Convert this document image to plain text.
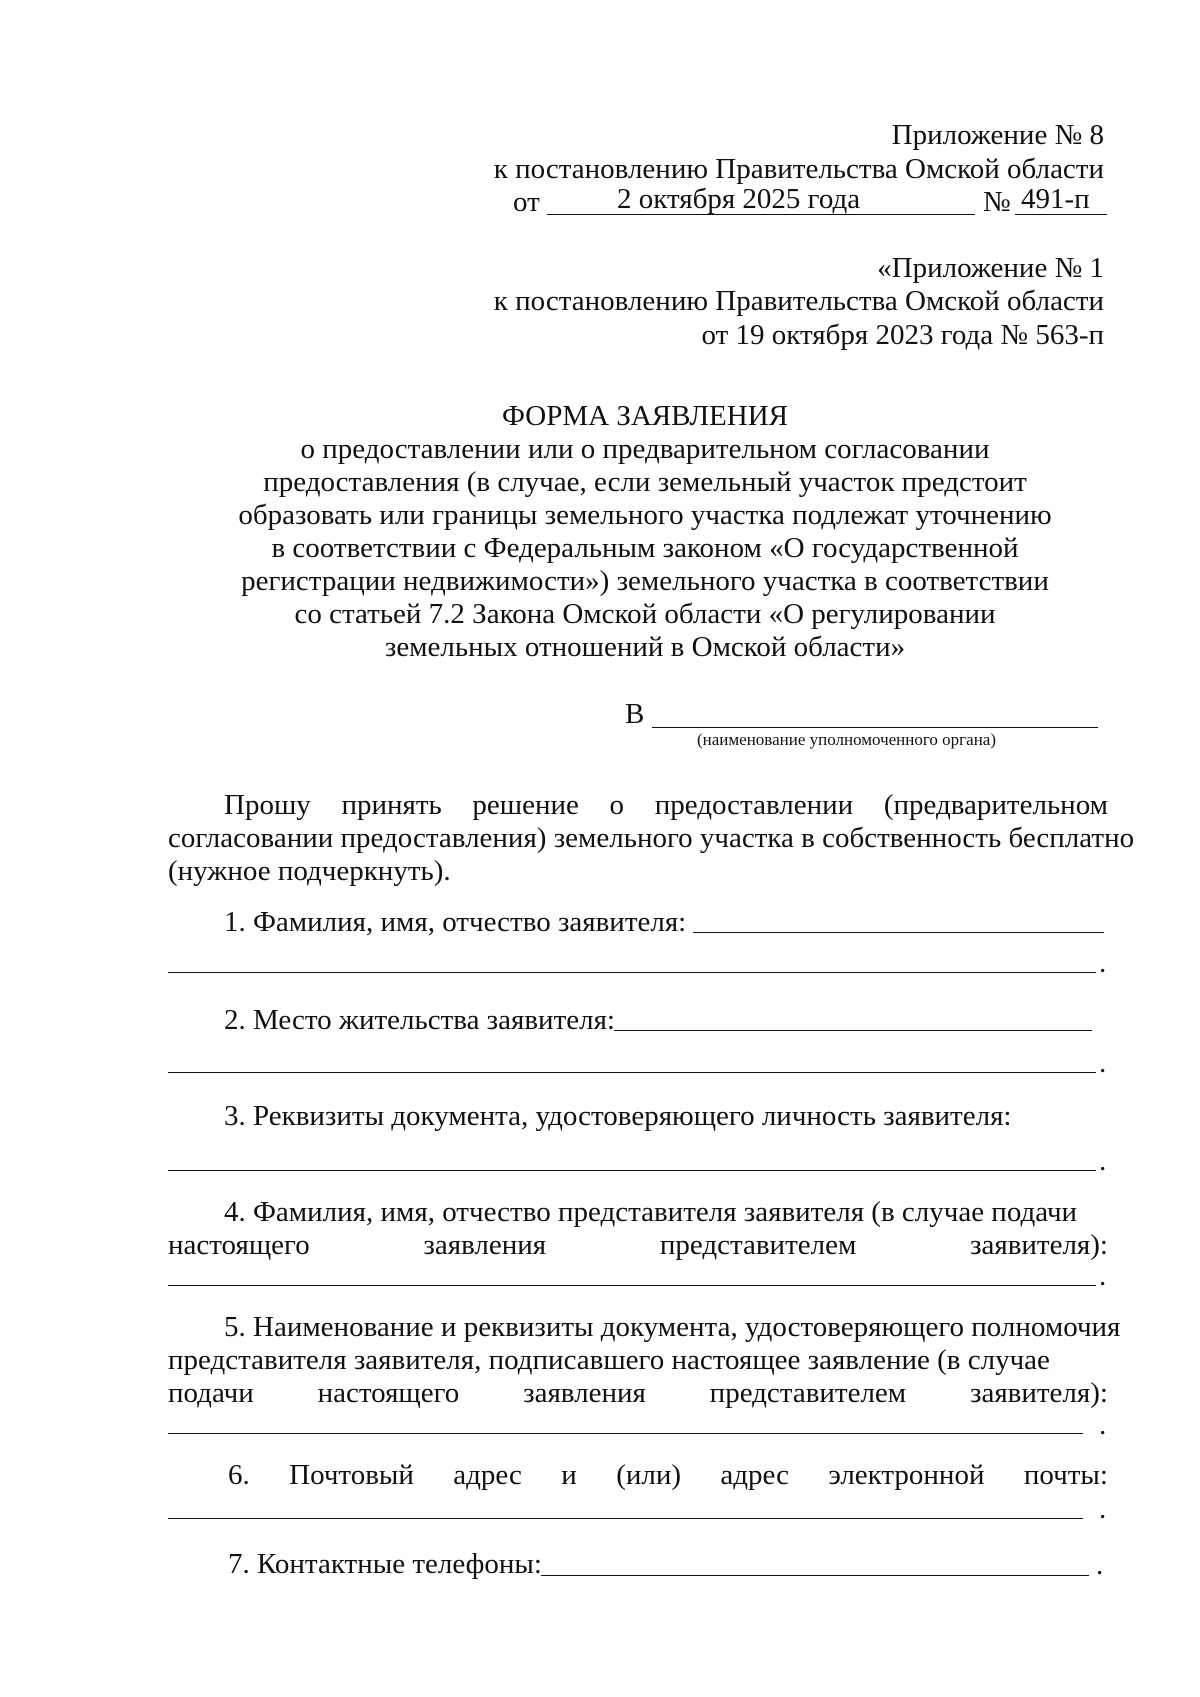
Приложение № 8
к постановлению Правительства Омской области
от	2 октября 2025 года	№ 491-п
«Приложение № 1
к постановлению Правительства Омской области
от 19 октября 2023 года № 563-п
ФОРМА ЗАЯВЛЕНИЯ
о предоставлении или о предварительном согласовании
предоставления (в случае, если земельный участок предстоит
образовать или границы земельного участка подлежат уточнению
в соответствии с Федеральным законом «О государственной
регистрации недвижимости») земельного участка в соответствии
со статьей 7.2 Закона Омской области «О регулировании
земельных отношений в Омской области»
В
(наименование уполномоченного органа)
Прошу принять решение о предоставлении (предварительном
согласовании предоставления) земельного участка в собственность бесплатно
(нужное подчеркнуть).
1. Фамилия, имя, отчество заявителя:
.
2. Место жительства заявителя:
.
3. Реквизиты документа, удостоверяющего личность заявителя:
.
4. Фамилия, имя, отчество представителя заявителя (в случае подачи
настоящего	заявления	представителем	заявителя):
.
5. Наименование и реквизиты документа, удостоверяющего полномочия
представителя заявителя, подписавшего настоящее заявление (в случае
подачи настоящего заявления представителем заявителя):
.
6. Почтовый адрес и (или) адрес электронной почты:
.
7. Контактные телефоны:	.
